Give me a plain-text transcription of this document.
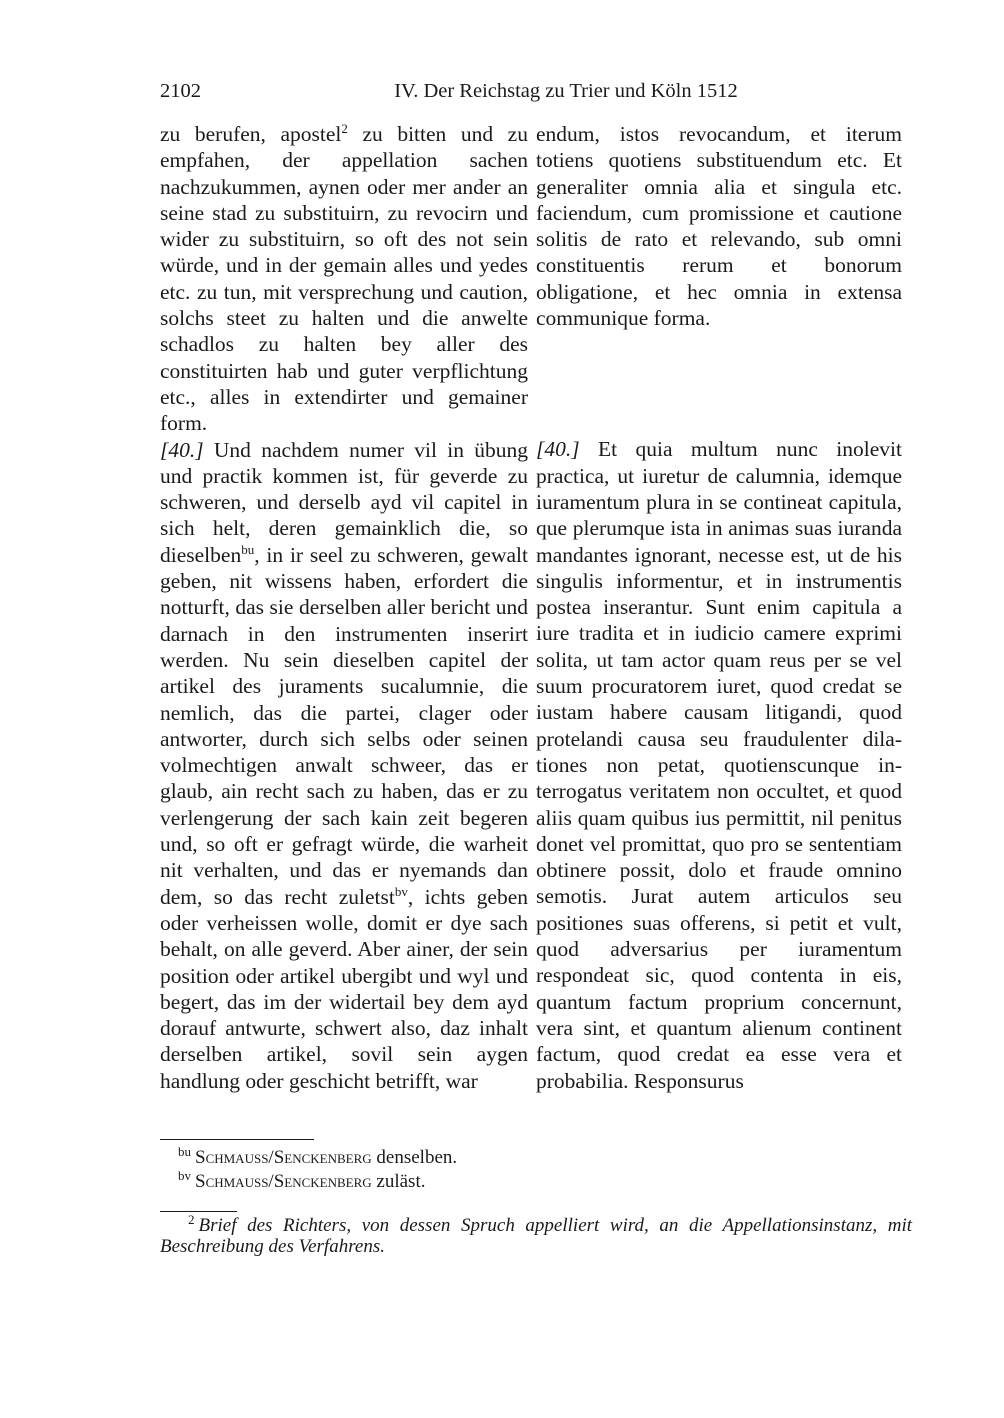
2102	IV. Der Reichstag zu Trier und Köln 1512

zu berufen, apostel$^2$ zu bitten und zu empfahen, der appellation sachen nachzukummen, aynen oder mer ander an seine stad zu substituirn, zu revocirn und wider zu substituirn, so oft des not sein würde, und in der gemain alles und yedes etc. zu tun, mit versprechung und caution, solchs steet zu halten und die anwelte schadlos zu halten bey aller des constituirten hab und guter verpflichtung etc., alles in extendirter und gemainer form.

[40.] Und nachdem numer vil in übung und practik kommen ist, für geverde zu schweren, und derselb ayd vil capitel in sich helt, deren gemainklich die, so dieselben$^{bu}$, in ir seel zu schweren, gewalt geben, nit wissens haben, erfordert die notturft, das sie derselben aller bericht und darnach in den instrumenten inserirt werden. Nu sein dieselben capitel der artikel des juraments sucalumnie, die nemlich, das die partei, clager oder antworter, durch sich selbs oder seinen volmechtigen anwalt schweer, das er glaub, ain recht sach zu haben, das er zu verlengerung der sach kain zeit begeren und, so oft er gefragt würde, die warheit nit verhalten, und das er nyemands dan dem, so das recht zuletst$^{bv}$, ichts geben oder verheissen wolle, domit er dye sach behalt, on alle geverd. Aber ainer, der sein position oder artikel ubergibt und wyl und begert, das im der widertail bey dem ayd dorauf antwurte, schwert also, daz inhalt derselben artikel, sovil sein aygen handlung oder geschicht betrifft, war

endum, istos revocandum, et iterum totiens quotiens substituendum etc. Et generaliter omnia alia et singula etc. faciendum, cum promissione et cautione solitis de rato et relevando, sub omni constituentis rerum et bonorum obligatione, et hec omnia in extensa communique forma.

[40.] Et quia multum nunc inolevit practica, ut iuretur de calumnia, idemque iuramentum plura in se contineat capitula, que plerumque ista in animas suas iuranda mandantes ignorant, necesse est, ut de his singulis informentur, et in instrumentis postea inserantur. Sunt enim capitula a iure tradita et in iudicio camere exprimi solita, ut tam actor quam reus per se vel suum procuratorem iuret, quod credat se iustam habere causam litigandi, quod protelandi causa seu fraudulenter dilationes non petat, quotienscunque interrogatus veritatem non occultet, et quod aliis quam quibus ius permittit, nil penitus donet vel promittat, quo pro se sententiam obtinere possit, dolo et fraude omnino semotis. Jurat autem articulos seu positiones suas offerens, si petit et vult, quod adversarius per iuramentum respondeat sic, quod contenta in eis, quantum factum proprium concernunt, vera sint, et quantum alienum continent factum, quod credat ea esse vera et probabilia. Responsurus

$^{bu}$ Schmauss/Senckenberg denselben.
$^{bv}$ Schmauss/Senckenberg zuläst.
$^2$ Brief des Richters, von dessen Spruch appelliert wird, an die Appellationsinstanz, mit Beschreibung des Verfahrens.
